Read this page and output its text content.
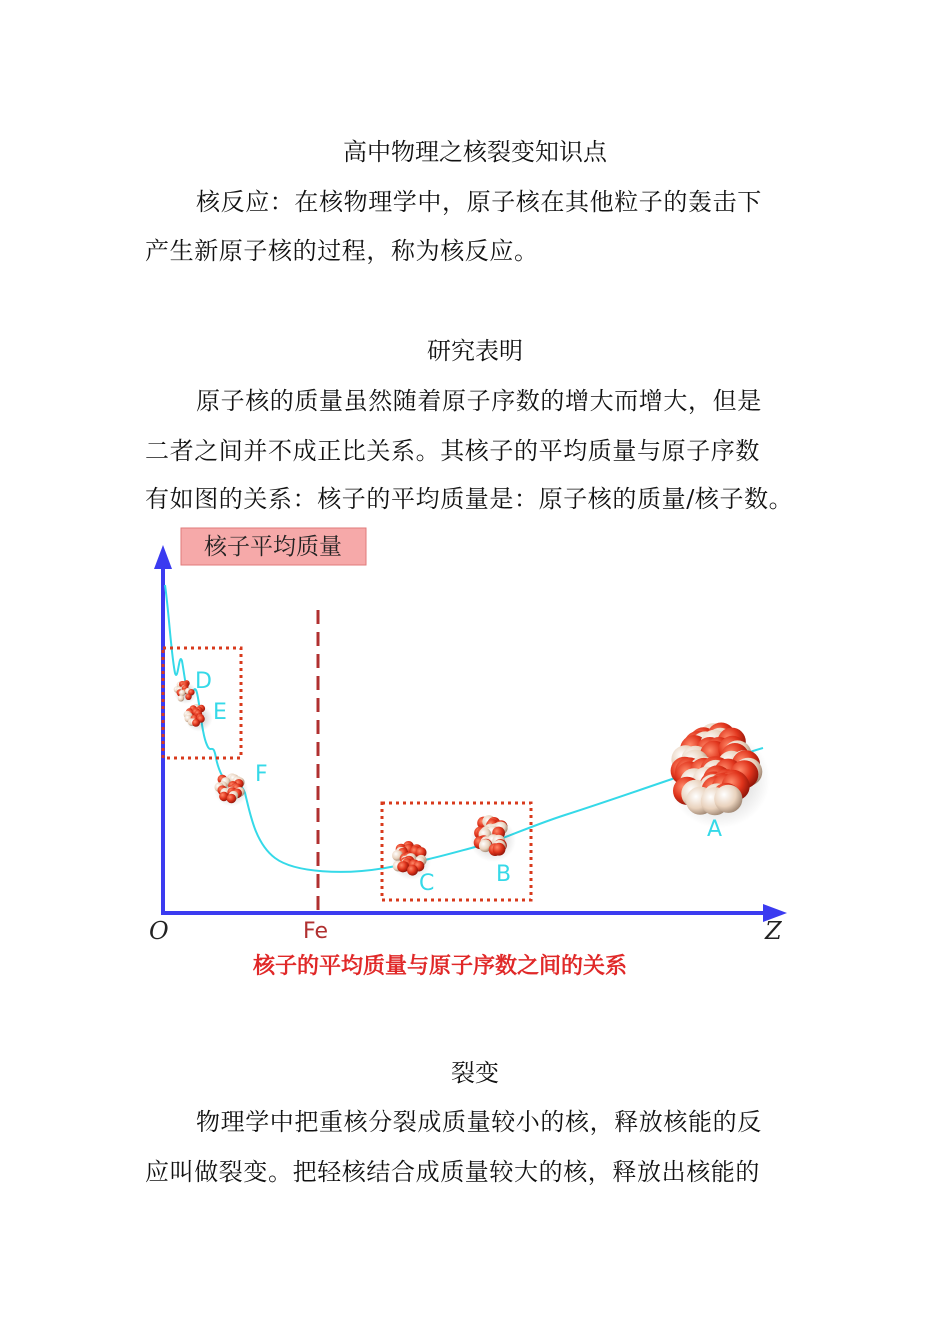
高中物理之核裂变知识点
核反应：在核物理学中，原子核在其他粒子的轰击下
产生新原子核的过程，称为核反应。
研究表明
原子核的质量虽然随着原子序数的增大而增大，但是
二者之间并不成正比关系。其核子的平均质量与原子序数
有如图的关系：核子的平均质量是：原子核的质量/核子数。
核子平均质量
D
E
F
C	B
A
O	Fe	Z
核子的平均质量与原子序数之间的关系
裂变
物理学中把重核分裂成质量较小的核，释放核能的反
应叫做裂变。把轻核结合成质量较大的核，释放出核能的
